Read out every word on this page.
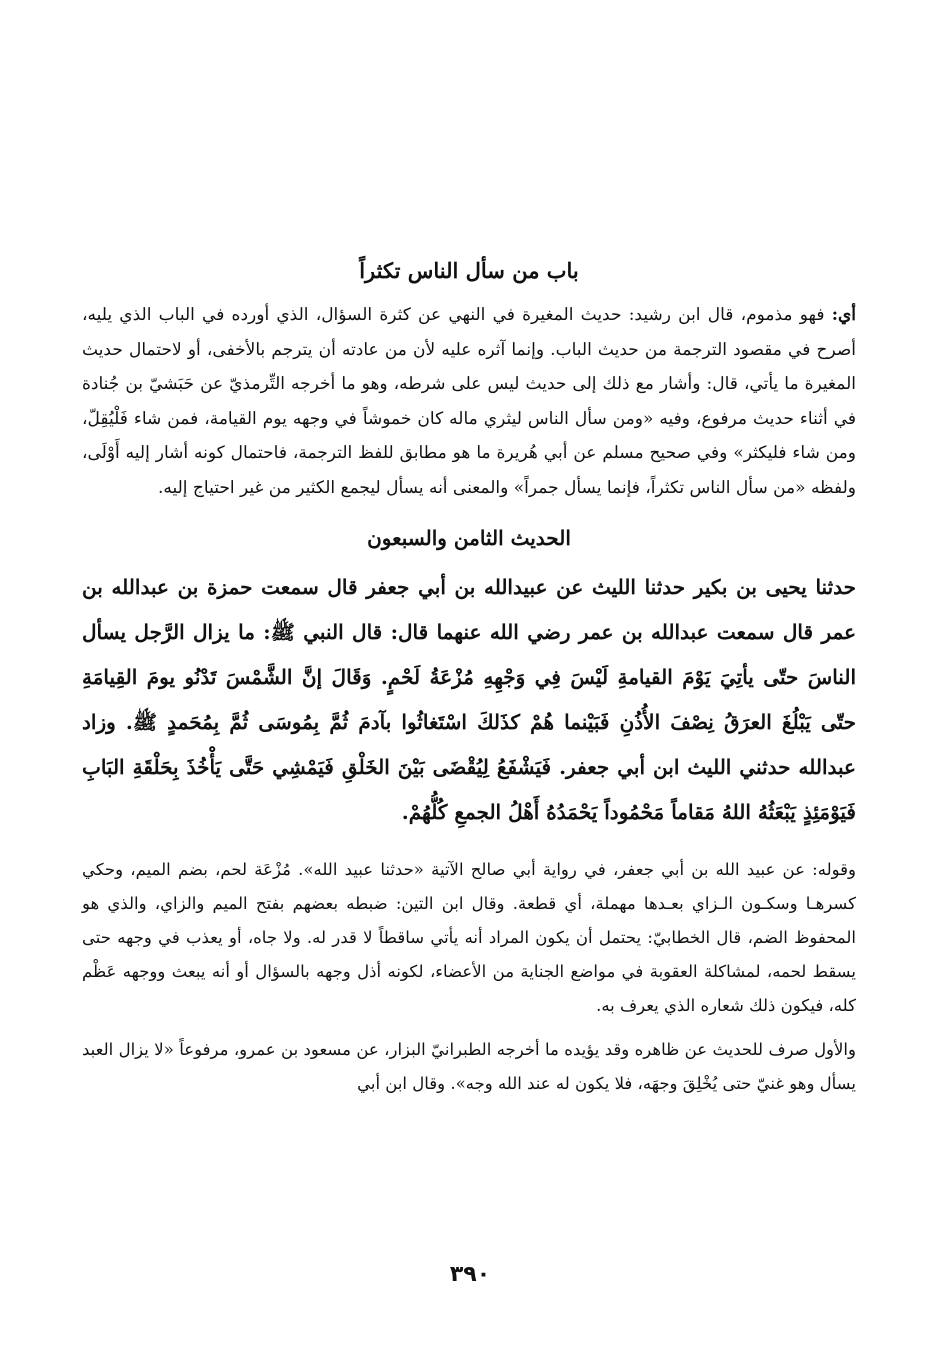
باب من سأل الناس تكثراً

أي: فهو مذموم، قال ابن رشيد: حديث المغيرة في النهي عن كثرة السؤال، الذي أورده في الباب الذي يليه، أصرح في مقصود الترجمة من حديث الباب. وإنما آثره عليه لأن من عادته أن يترجم بالأخفى، أو لاحتمال حديث المغيرة ما يأتي، قال: وأشار مع ذلك إلى حديث ليس على شرطه، وهو ما أخرجه التِّرمذيّ عن حَبَشيّ بن جُنادة في أثناء حديث مرفوع، وفيه «ومن سأل الناس ليثري ماله كان خموشاً في وجهه يوم القيامة، فمن شاء فَلْيُقِلّ، ومن شاء فليكثر» وفي صحيح مسلم عن أبي هُريرة ما هو مطابق للفظ الترجمة، فاحتمال كونه أشار إليه أَوْلَى، ولفظه «من سأل الناس تكثراً، فإنما يسأل جمراً» والمعنى أنه يسأل ليجمع الكثير من غير احتياج إليه.

الحديث الثامن والسبعون

حدثنا يحيى بن بكير حدثنا الليث عن عبيدالله بن أبي جعفر قال سمعت حمزة بن عبدالله بن عمر قال سمعت عبدالله بن عمر رضي الله عنهما قال: قال النبي ﷺ: ما يزال الرَّجل يسأل الناسَ حتّى يأتِيَ يَوْمَ القيامةِ لَيْسَ فِي وَجْهِهِ مُزْعَةُ لَحْمٍ. وَقَالَ إنَّ الشَّمْسَ تَدْنُو يومَ القِيامَةِ حتّى يَبْلُغَ العرَقُ نِصْفَ الأُذُنِ فَبَيْنما هُمْ كذَلكَ اسْتَغاثُوا بآدمَ ثُمَّ بِمُوسَى ثُمَّ بِمُحَمدٍ ﷺ. وزاد عبدالله حدثني الليث ابن أبي جعفر. فَيَشْفَعُ لِيُقْضَى بَيْنَ الخَلْقِ فَيَمْشِي حَتَّى يَأْخُذَ بِحَلْقَةِ البَابِ فَيَوْمَئِذٍ يَبْعَثُهُ اللهُ مَقاماً مَحْمُوداً يَحْمَدُهُ أَهْلُ الجمعِ كُلُّهُمْ.

وقوله: عن عبيد الله بن أبي جعفر، في رواية أبي صالح الآتية «حدثنا عبيد الله». مُزْعَة لحم، بضم الميم، وحكي كسرهـا وسكـون الـزاي بعـدها مهملة، أي قطعة. وقال ابن التين: ضبطه بعضهم بفتح الميم والزاي، والذي هو المحفوظ الضم، قال الخطابيّ: يحتمل أن يكون المراد أنه يأتي ساقطاً لا قدر له. ولا جاه، أو يعذب في وجهه حتى يسقط لحمه، لمشاكلة العقوبة في مواضع الجناية من الأعضاء، لكونه أذل وجهه بالسؤال أو أنه يبعث ووجهه عَظْم كله، فيكون ذلك شعاره الذي يعرف به.

والأول صرف للحديث عن ظاهره وقد يؤيده ما أخرجه الطبرانيّ البزار، عن مسعود بن عمرو، مرفوعاً «لا يزال العبد يسأل وهو غنيّ حتى يُخْلِقَ وجهَه، فلا يكون له عند الله وجه». وقال ابن أبي

٣٩٠
